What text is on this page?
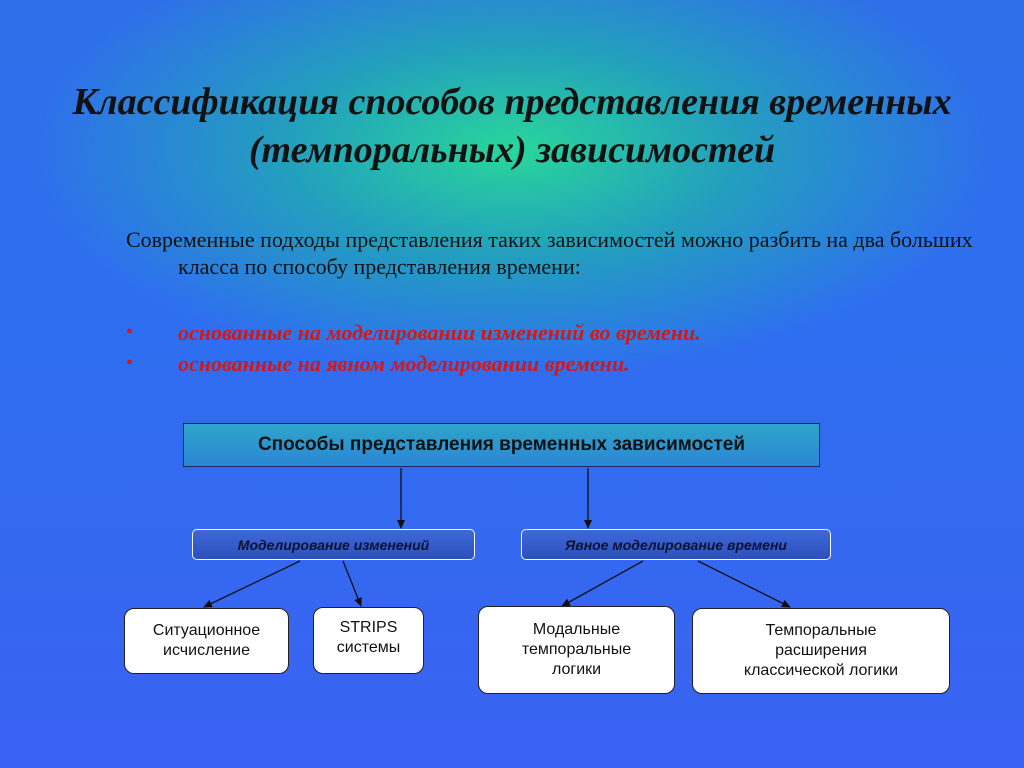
Классификация способов представления временных (темпоральных) зависимостей
Современные подходы представления таких зависимостей можно разбить на два больших класса по способу представления времени:
• основанные на моделировании изменений во времени.
• основанные на явном моделировании времени.
Способы представления временных зависимостей
Моделирование изменений	Явное моделирование времени
Ситуационное
исчисление
STRIPS
системы
Модальные
темпоральные
логики
Темпоральные
расширения
классической логики
